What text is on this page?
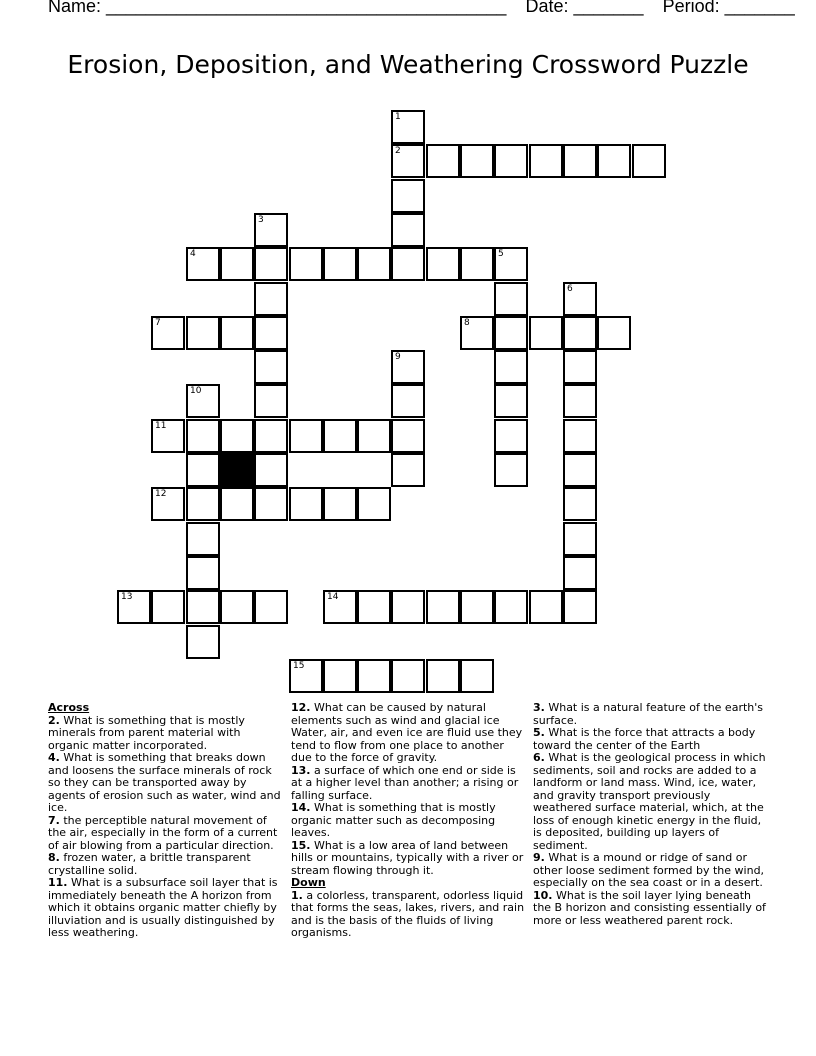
Name: ________________________________________ Date: _______ Period: _______
Erosion, Deposition, and Weathering Crossword Puzzle
1
2
3
4	5
6
7	8
9
10
11
12
13	14
15
Across

2. What is something that is mostly minerals from parent material with organic matter incorporated.

4. What is something that breaks down and loosens the surface minerals of rock so they can be transported away by agents of erosion such as water, wind and ice.

7. the perceptible natural movement of the air, especially in the form of a current of air blowing from a particular direction.

8. frozen water, a brittle transparent crystalline solid.

11. What is a subsurface soil layer that is immediately beneath the A horizon from which it obtains organic matter chiefly by illuviation and is usually distinguished by less weathering.

12. What can be caused by natural elements such as wind and glacial ice Water, air, and even ice are fluid use they tend to flow from one place to another due to the force of gravity.

13. a surface of which one end or side is at a higher level than another; a rising or falling surface.

14. What is something that is mostly organic matter such as decomposing leaves.

15. What is a low area of land between hills or mountains, typically with a river or stream flowing through it.

Down

1. a colorless, transparent, odorless liquid that forms the seas, lakes, rivers, and rain and is the basis of the fluids of living organisms.

3. What is a natural feature of the earth's surface.

5. What is the force that attracts a body toward the center of the Earth

6. What is the geological process in which sediments, soil and rocks are added to a landform or land mass. Wind, ice, water, and gravity transport previously weathered surface material, which, at the loss of enough kinetic energy in the fluid, is deposited, building up layers of sediment.

9. What is a mound or ridge of sand or other loose sediment formed by the wind, especially on the sea coast or in a desert.

10. What is the soil layer lying beneath the B horizon and consisting essentially of more or less weathered parent rock.
